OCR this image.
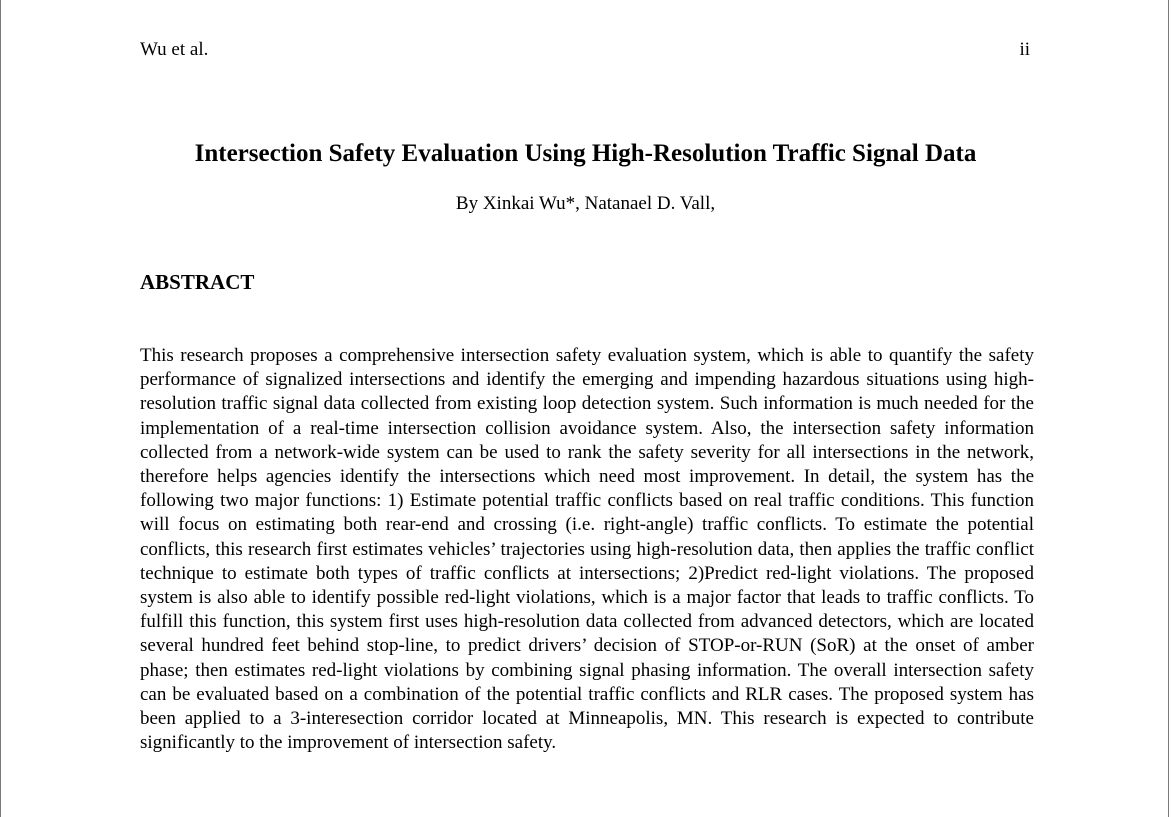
Wu et al.	ii
Intersection Safety Evaluation Using High-Resolution Traffic Signal Data
By Xinkai Wu*, Natanael D. Vall,
ABSTRACT

This research proposes a comprehensive intersection safety evaluation system, which is able to quantify the safety performance of signalized intersections and identify the emerging and impending hazardous situations using high-resolution traffic signal data collected from existing loop detection system. Such information is much needed for the implementation of a real-time intersection collision avoidance system. Also, the intersection safety information collected from a network-wide system can be used to rank the safety severity for all intersections in the network, therefore helps agencies identify the intersections which need most improvement. In detail, the system has the following two major functions: 1) Estimate potential traffic conflicts based on real traffic conditions. This function will focus on estimating both rear-end and crossing (i.e. right-angle) traffic conflicts. To estimate the potential conflicts, this research first estimates vehicles’ trajectories using high-resolution data, then applies the traffic conflict technique to estimate both types of traffic conflicts at intersections; 2)Predict red-light violations. The proposed system is also able to identify possible red-light violations, which is a major factor that leads to traffic conflicts. To fulfill this function, this system first uses high-resolution data collected from advanced detectors, which are located several hundred feet behind stop-line, to predict drivers’ decision of STOP-or-RUN (SoR) at the onset of amber phase; then estimates red-light violations by combining signal phasing information. The overall intersection safety can be evaluated based on a combination of the potential traffic conflicts and RLR cases. The proposed system has been applied to a 3-interesection corridor located at Minneapolis, MN. This research is expected to contribute significantly to the improvement of intersection safety.
